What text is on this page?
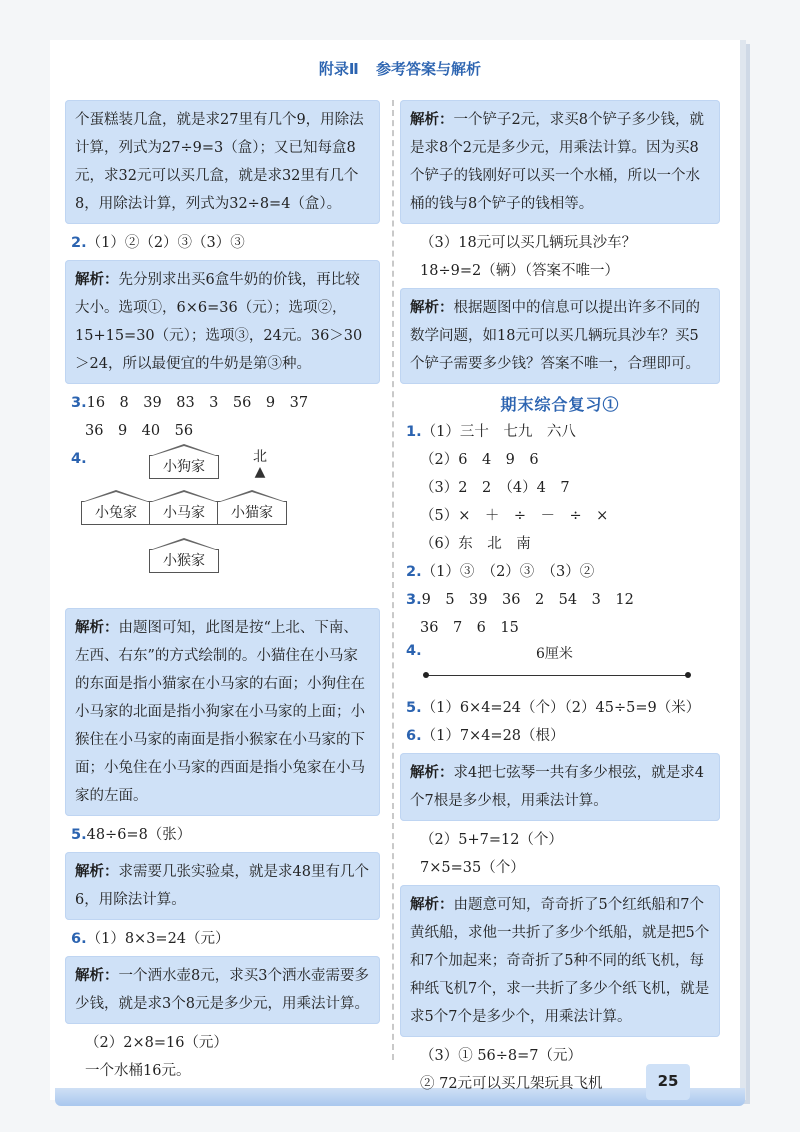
附录Ⅱ 参考答案与解析
个蛋糕装几盒，就是求27里有几个9，用除法计算，列式为27÷9=3（盒）；又已知每盒8元，求32元可以买几盒，就是求32里有几个8，用除法计算，列式为32÷8=4（盒）。
2.（1）②（2）③（3）③
解析：先分别求出买6盒牛奶的价钱，再比较大小。选项①，6×6=36（元）；选项②，15+15=30（元）；选项③，24元。36＞30＞24，所以最便宜的牛奶是第③种。
3.16　8　39　83　3　56　9　37
36　9　40　56
4.	北
▲
小狗家
小兔家	小马家	小猫家
小猴家
解析：由题图可知，此图是按“上北、下南、左西、右东”的方式绘制的。小猫住在小马家的东面是指小猫家在小马家的右面；小狗住在小马家的北面是指小狗家在小马家的上面；小猴住在小马家的南面是指小猴家在小马家的下面；小兔住在小马家的西面是指小兔家在小马家的左面。
5.48÷6=8（张）
解析：求需要几张实验桌，就是求48里有几个6，用除法计算。
6.（1）8×3=24（元）
解析：一个洒水壶8元，求买3个洒水壶需要多少钱，就是求3个8元是多少元，用乘法计算。
（2）2×8=16（元）
一个水桶16元。
解析：一个铲子2元，求买8个铲子多少钱，就是求8个2元是多少元，用乘法计算。因为买8个铲子的钱刚好可以买一个水桶，所以一个水桶的钱与8个铲子的钱相等。
（3）18元可以买几辆玩具沙车？
18÷9=2（辆）（答案不唯一）
解析：根据题图中的信息可以提出许多不同的数学问题，如18元可以买几辆玩具沙车？买5个铲子需要多少钱？答案不唯一，合理即可。
期末综合复习①
1.（1）三十　七九　六八
（2）6　4　9　6
（3）2　2　（4）4　7
（5）×　＋　÷　－　÷　×
（6）东　北　南
2.（1）③　（2）③　（3）②
3.9　5　39　36　2　54　3　12
36　7　6　15
4.	6厘米
5.（1）6×4=24（个）（2）45÷5=9（米）
6.（1）7×4=28（根）
解析：求4把七弦琴一共有多少根弦，就是求4个7根是多少根，用乘法计算。
（2）5+7=12（个）
7×5=35（个）
解析：由题意可知，奇奇折了5个红纸船和7个黄纸船，求他一共折了多少个纸船，就是把5个和7个加起来；奇奇折了5种不同的纸飞机，每种纸飞机7个，求一共折了多少个纸飞机，就是求5个7个是多少个，用乘法计算。
（3）① 56÷8=7（元）
② 72元可以买几架玩具飞机	25
